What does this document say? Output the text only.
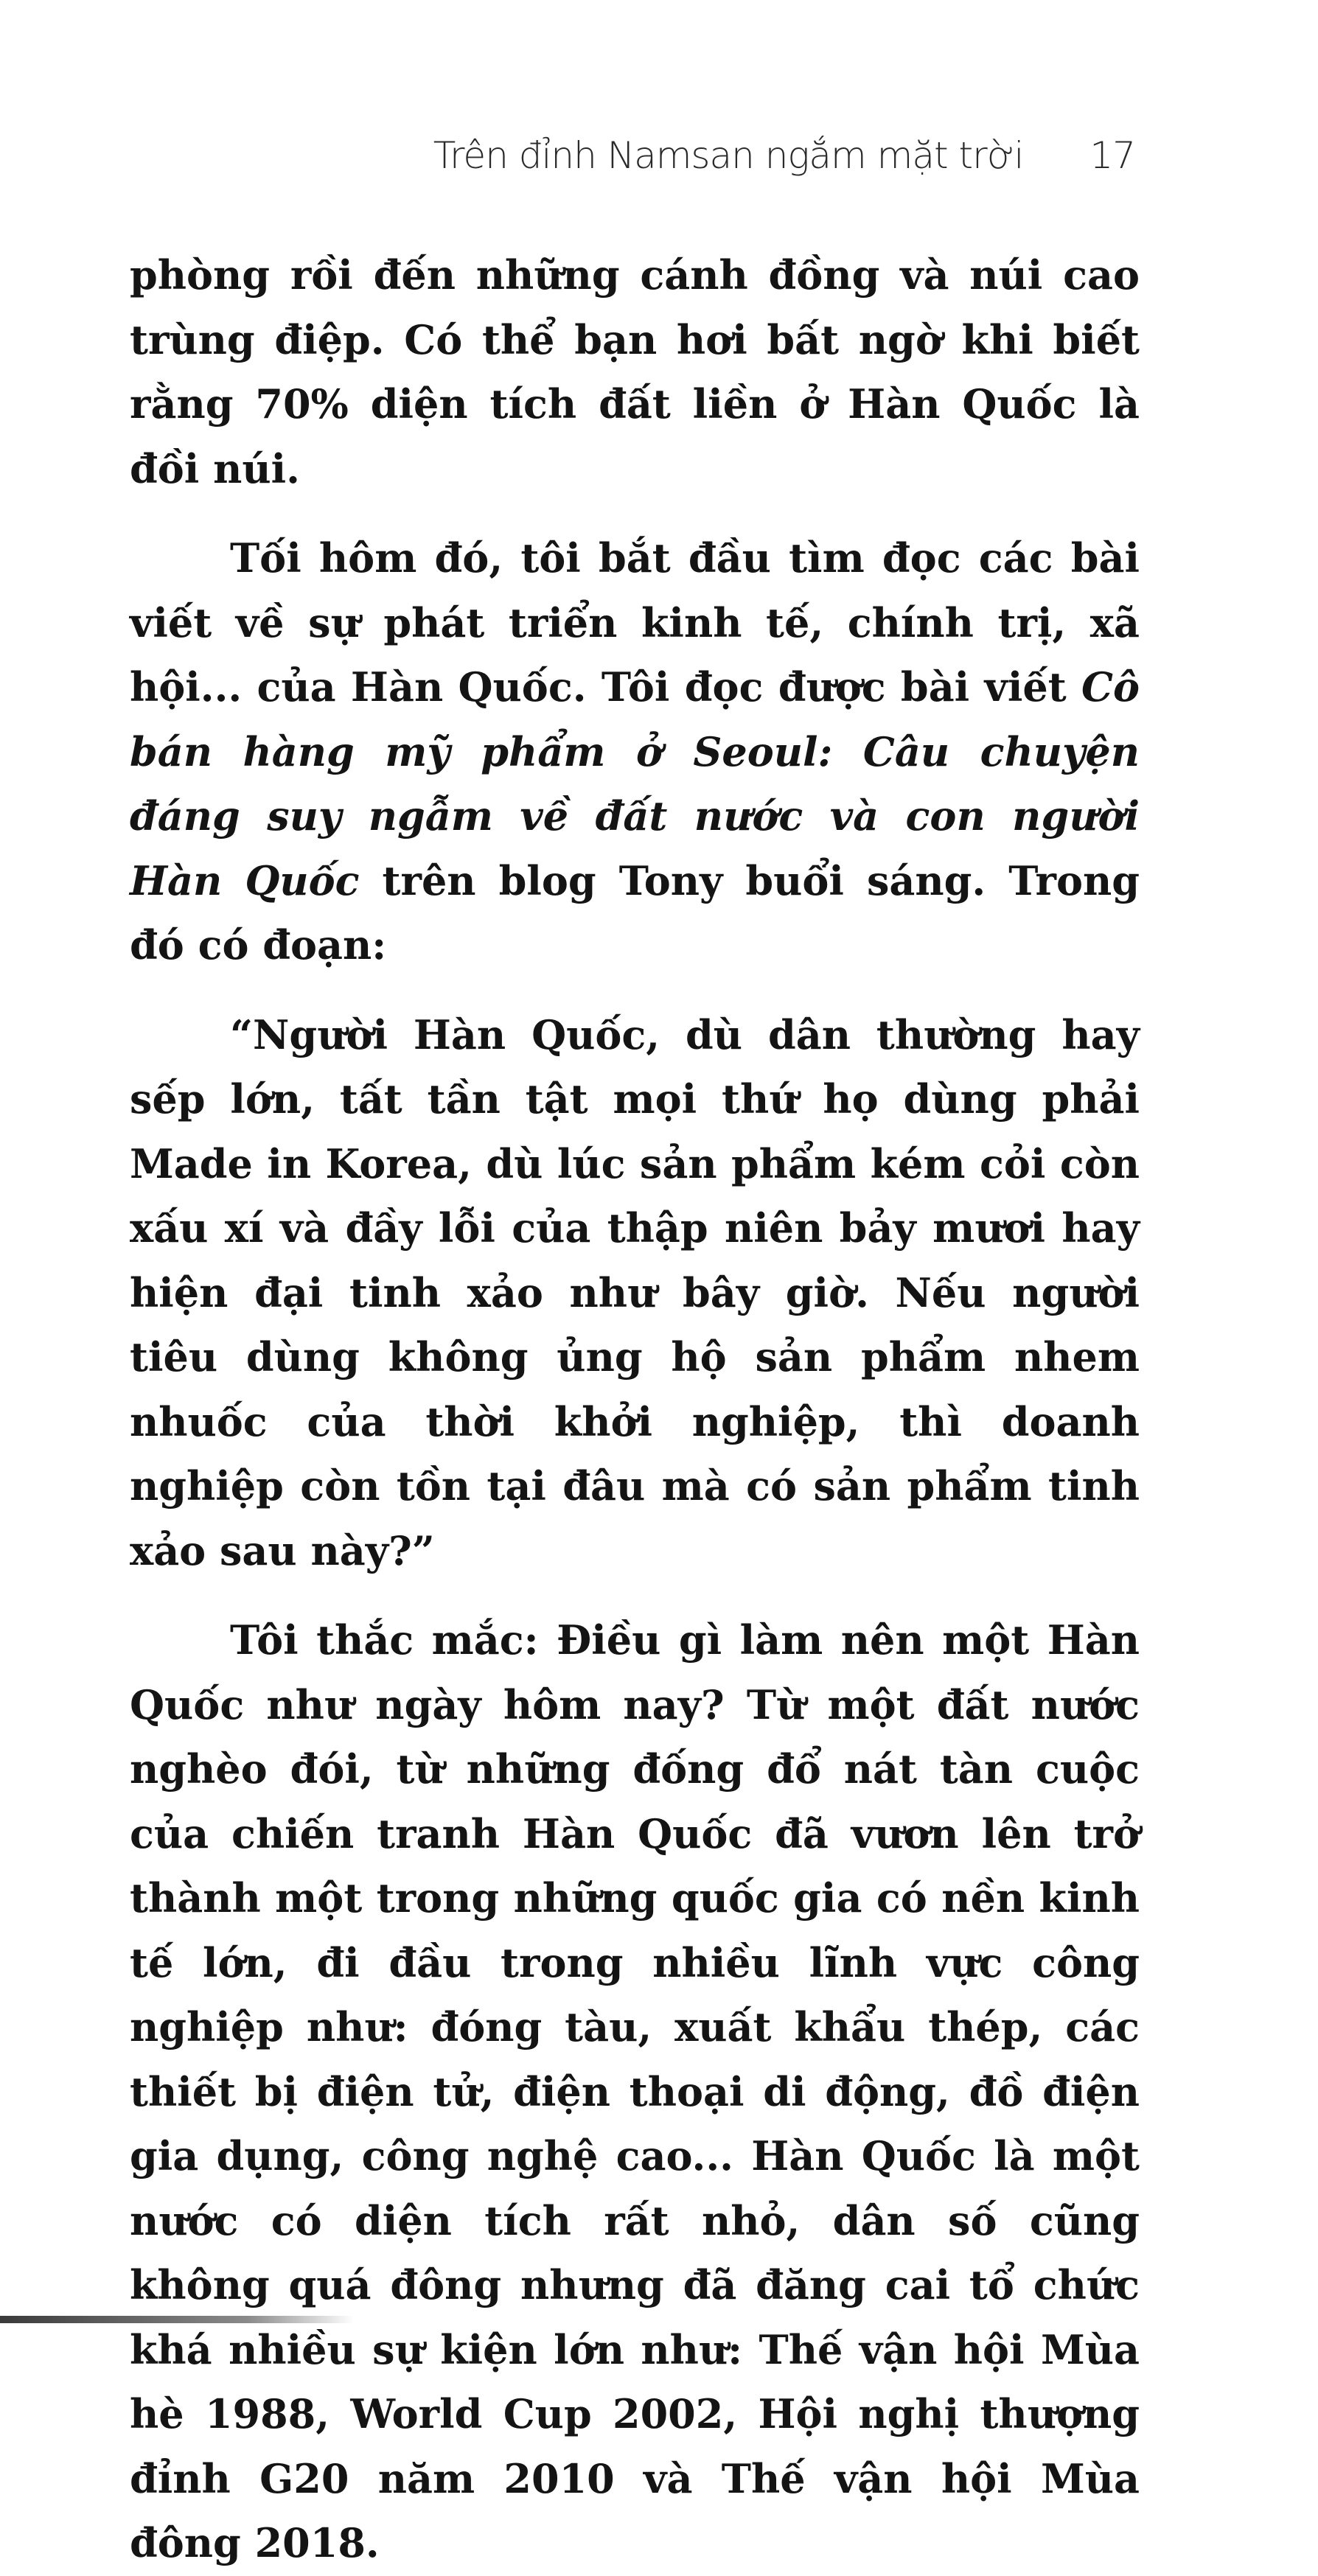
Trên đỉnh Namsan ngắm mặt trời 17

phòng rồi đến những cánh đồng và núi cao trùng điệp. Có thể bạn hơi bất ngờ khi biết rằng 70% diện tích đất liền ở Hàn Quốc là đồi núi.

Tối hôm đó, tôi bắt đầu tìm đọc các bài viết về sự phát triển kinh tế, chính trị, xã hội... của Hàn Quốc. Tôi đọc được bài viết Cô bán hàng mỹ phẩm ở Seoul: Câu chuyện đáng suy ngẫm về đất nước và con người Hàn Quốc trên blog Tony buổi sáng. Trong đó có đoạn:

“Người Hàn Quốc, dù dân thường hay sếp lớn, tất tần tật mọi thứ họ dùng phải Made in Korea, dù lúc sản phẩm kém cỏi còn xấu xí và đầy lỗi của thập niên bảy mươi hay hiện đại tinh xảo như bây giờ. Nếu người tiêu dùng không ủng hộ sản phẩm nhem nhuốc của thời khởi nghiệp, thì doanh nghiệp còn tồn tại đâu mà có sản phẩm tinh xảo sau này?”

Tôi thắc mắc: Điều gì làm nên một Hàn Quốc như ngày hôm nay? Từ một đất nước nghèo đói, từ những đống đổ nát tàn cuộc của chiến tranh Hàn Quốc đã vươn lên trở thành một trong những quốc gia có nền kinh tế lớn, đi đầu trong nhiều lĩnh vực công nghiệp như: đóng tàu, xuất khẩu thép, các thiết bị điện tử, điện thoại di động, đồ điện gia dụng, công nghệ cao... Hàn Quốc là một nước có diện tích rất nhỏ, dân số cũng không quá đông nhưng đã đăng cai tổ chức khá nhiều sự kiện lớn như: Thế vận hội Mùa hè 1988, World Cup 2002, Hội nghị thượng đỉnh G20 năm 2010 và Thế vận hội Mùa đông 2018.
